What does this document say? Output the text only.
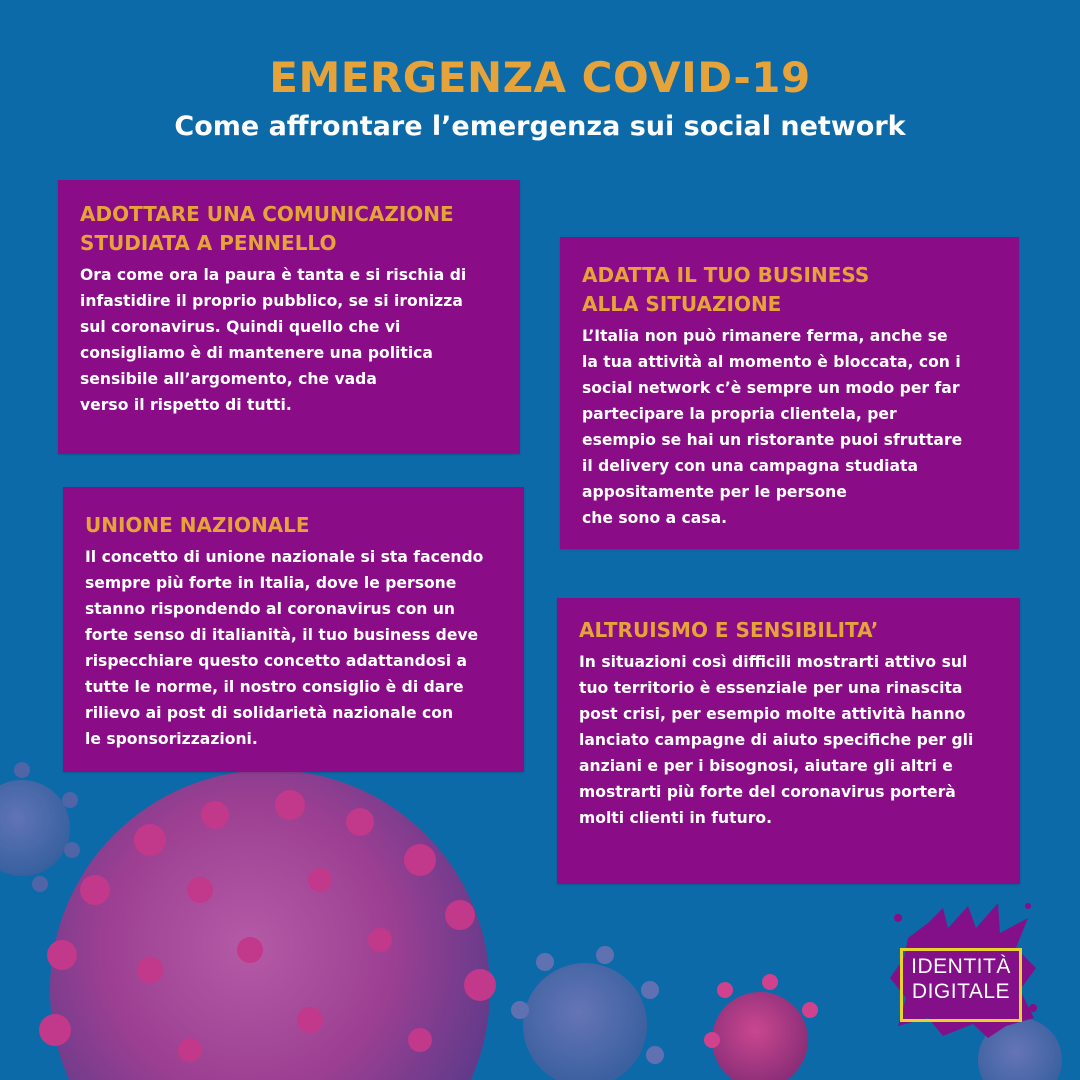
EMERGENZA COVID-19
Come affrontare l’emergenza sui social network
ADOTTARE UNA COMUNICAZIONE
STUDIATA A PENNELLO

Ora come ora la paura è tanta e si rischia di
infastidire il proprio pubblico, se si ironizza
sul coronavirus. Quindi quello che vi
consigliamo è di mantenere una politica
sensibile all’argomento, che vada
verso il rispetto di tutti.

ADATTA IL TUO BUSINESS
ALLA SITUAZIONE

L’Italia non può rimanere ferma, anche se
la tua attività al momento è bloccata, con i
social network c’è sempre un modo per far
partecipare la propria clientela, per
esempio se hai un ristorante puoi sfruttare
il delivery con una campagna studiata
appositamente per le persone
che sono a casa.

UNIONE NAZIONALE

Il concetto di unione nazionale si sta facendo
sempre più forte in Italia, dove le persone
stanno rispondendo al coronavirus con un
forte senso di italianità, il tuo business deve
rispecchiare questo concetto adattandosi a
tutte le norme, il nostro consiglio è di dare
rilievo ai post di solidarietà nazionale con
le sponsorizzazioni.

ALTRUISMO E SENSIBILITA’

In situazioni così difficili mostrarti attivo sul
tuo territorio è essenziale per una rinascita
post crisi, per esempio molte attività hanno
lanciato campagne di aiuto specifiche per gli
anziani e per i bisognosi, aiutare gli altri e
mostrarti più forte del coronavirus porterà
molti clienti in futuro.

IDENTITÀ
DIGITALE
